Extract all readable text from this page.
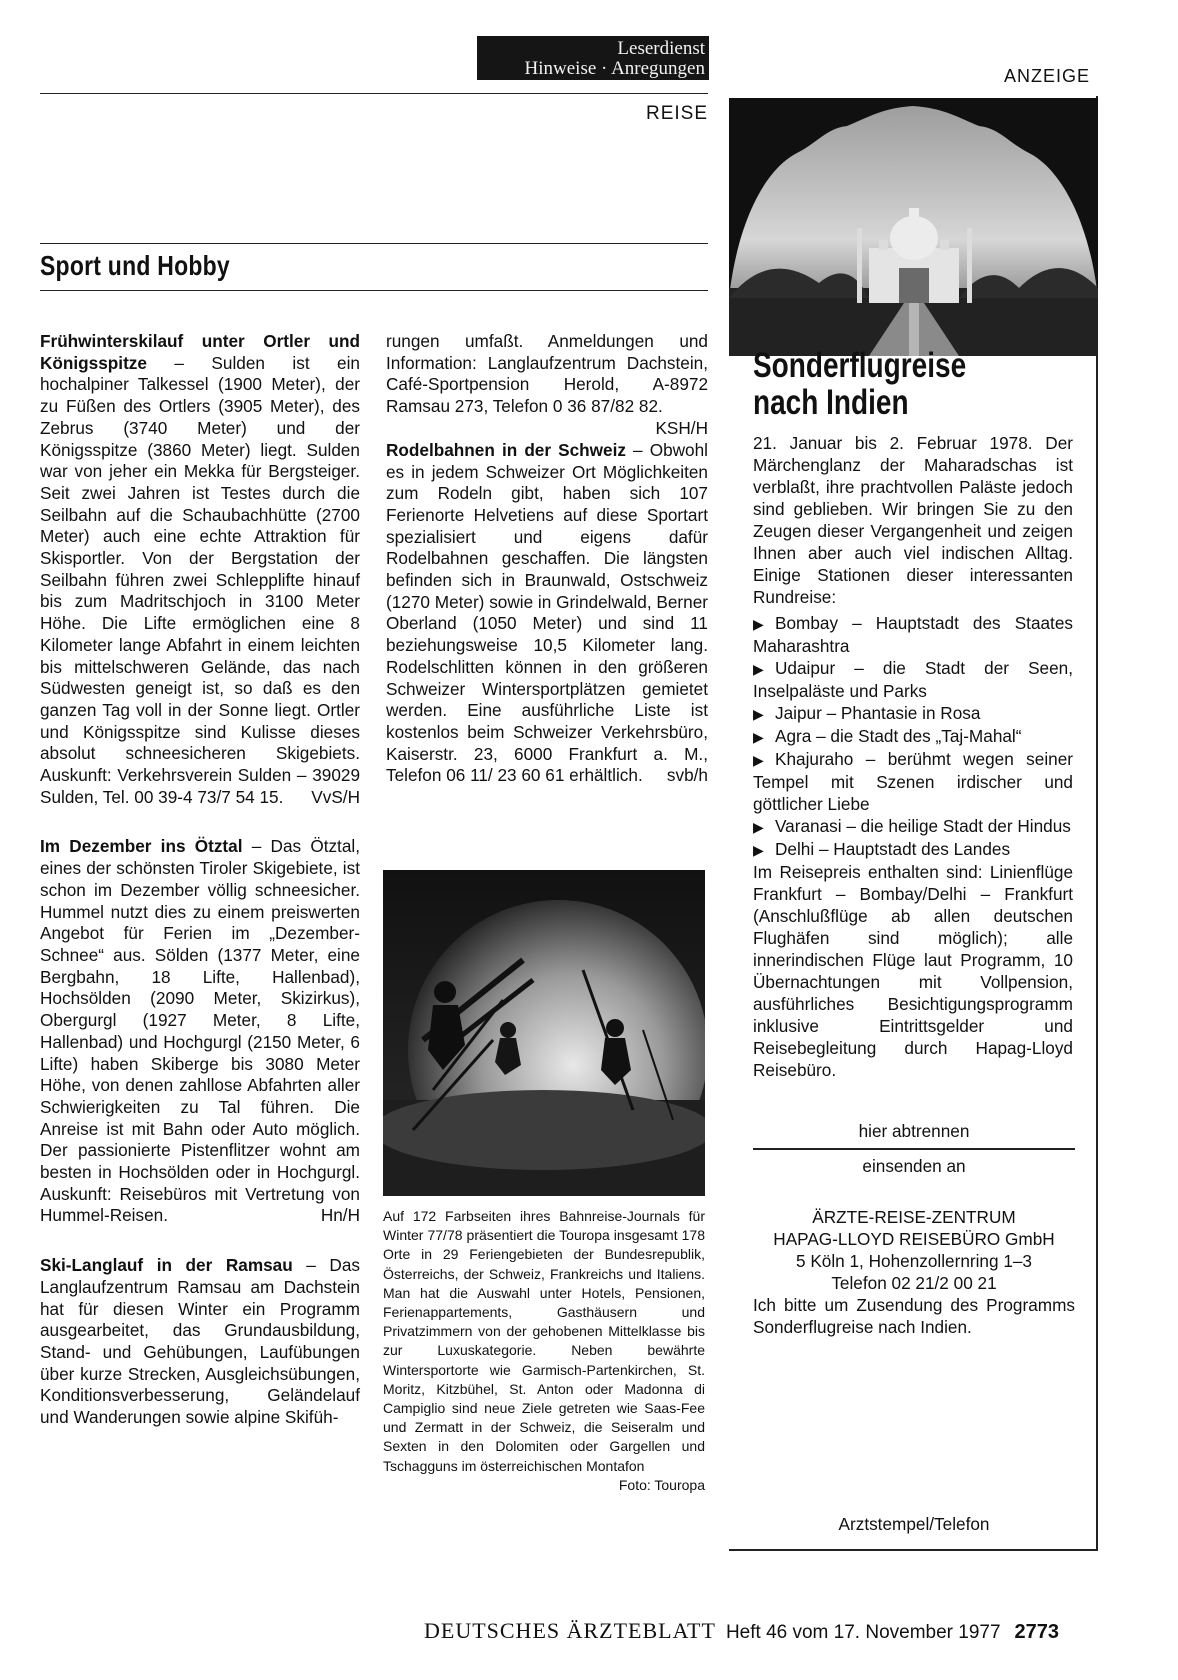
Leserdienst
Hinweise · Anregungen	ANZEIGE
REISE
Sport und Hobby

Frühwinterskilauf unter Ortler und Königsspitze – Sulden ist ein hochalpiner Talkessel (1900 Meter), der zu Füßen des Ortlers (3905 Meter), des Zebrus (3740 Meter) und der Königsspitze (3860 Meter) liegt. Sulden war von jeher ein Mekka für Bergsteiger. Seit zwei Jahren ist Testes durch die Seilbahn auf die Schaubachhütte (2700 Meter) auch eine echte Attraktion für Skisportler. Von der Bergstation der Seilbahn führen zwei Schlepplifte hinauf bis zum Madritschjoch in 3100 Meter Höhe. Die Lifte ermöglichen eine 8 Kilometer lange Abfahrt in einem leichten bis mittelschweren Gelände, das nach Südwesten geneigt ist, so daß es den ganzen Tag voll in der Sonne liegt. Ortler und Königsspitze sind Kulisse dieses absolut schneesicheren Skigebiets. Auskunft: Verkehrsverein Sulden – 39029 Sulden, Tel. 00 39-4 73/7 54 15. VvS/H

Im Dezember ins Ötztal – Das Ötztal, eines der schönsten Tiroler Skigebiete, ist schon im Dezember völlig schneesicher. Hummel nutzt dies zu einem preiswerten Angebot für Ferien im „Dezember-Schnee“ aus. Sölden (1377 Meter, eine Bergbahn, 18 Lifte, Hallenbad), Hochsölden (2090 Meter, Skizirkus), Obergurgl (1927 Meter, 8 Lifte, Hallenbad) und Hochgurgl (2150 Meter, 6 Lifte) haben Skiberge bis 3080 Meter Höhe, von denen zahllose Abfahrten aller Schwierigkeiten zu Tal führen. Die Anreise ist mit Bahn oder Auto möglich. Der passionierte Pistenflitzer wohnt am besten in Hochsölden oder in Hochgurgl. Auskunft: Reisebüros mit Vertretung von Hummel-Reisen.	Hn/H

Ski-Langlauf in der Ramsau – Das Langlaufzentrum Ramsau am Dachstein hat für diesen Winter ein Programm ausgearbeitet, das Grundausbildung, Stand- und Gehübungen, Laufübungen über kurze Strecken, Ausgleichsübungen, Konditionsverbesserung, Geländelauf und Wanderungen sowie alpine Skifüh-

rungen umfaßt. Anmeldungen und Information: Langlaufzentrum Dachstein, Café-Sportpension Herold, A-8972 Ramsau 273, Telefon 0 36 87/82 82.
KSH/H

Rodelbahnen in der Schweiz – Obwohl es in jedem Schweizer Ort Möglichkeiten zum Rodeln gibt, haben sich 107 Ferienorte Helvetiens auf diese Sportart spezialisiert und eigens dafür Rodelbahnen geschaffen. Die längsten befinden sich in Braunwald, Ostschweiz (1270 Meter) sowie in Grindelwald, Berner Oberland (1050 Meter) und sind 11 beziehungsweise 10,5 Kilometer lang. Rodelschlitten können in den größeren Schweizer Wintersportplätzen gemietet werden. Eine ausführliche Liste ist kostenlos beim Schweizer Verkehrsbüro, Kaiserstr. 23, 6000 Frankfurt a. M., Telefon 06 11/ 23 60 61 erhältlich. svb/h

Auf 172 Farbseiten ihres Bahnreise-Journals für Winter 77/78 präsentiert die Touropa insgesamt 178 Orte in 29 Feriengebieten der Bundesrepublik, Österreichs, der Schweiz, Frankreichs und Italiens. Man hat die Auswahl unter Hotels, Pensionen, Ferienappartements, Gasthäusern und Privatzimmern von der gehobenen Mittelklasse bis zur Luxuskategorie. Neben bewährte Wintersportorte wie Garmisch-Partenkirchen, St. Moritz, Kitzbühel, St. Anton oder Madonna di Campiglio sind neue Ziele getreten wie Saas-Fee und Zermatt in der Schweiz, die Seiseralm und Sexten in den Dolomiten oder Gargellen und Tschagguns im österreichischen Montafon
Foto: Touropa
Sonderflugreise
nach Indien

21. Januar bis 2. Februar 1978. Der Märchenglanz der Maharadschas ist verblaßt, ihre prachtvollen Paläste jedoch sind geblieben. Wir bringen Sie zu den Zeugen dieser Vergangenheit und zeigen Ihnen aber auch viel indischen Alltag. Einige Stationen dieser interessanten Rundreise:

▶ Bombay – Hauptstadt des Staates Maharashtra
▶ Udaipur – die Stadt der Seen, Inselpaläste und Parks
▶ Jaipur – Phantasie in Rosa
▶ Agra – die Stadt des „Taj-Mahal“
▶ Khajuraho – berühmt wegen seiner Tempel mit Szenen irdischer und göttlicher Liebe
▶ Varanasi – die heilige Stadt der Hindus
▶ Delhi – Hauptstadt des Landes

Im Reisepreis enthalten sind: Linienflüge Frankfurt – Bombay/Delhi – Frankfurt (Anschlußflüge ab allen deutschen Flughäfen sind möglich); alle innerindischen Flüge laut Programm, 10 Übernachtungen mit Vollpension, ausführliches Besichtigungsprogramm inklusive Eintrittsgelder und Reisebegleitung durch Hapag-Lloyd Reisebüro.

hier abtrennen
einsenden an
ÄRZTE-REISE-ZENTRUM
HAPAG-LLOYD REISEBÜRO GmbH
5 Köln 1, Hohenzollernring 1–3
Telefon 02 21/2 00 21
Ich bitte um Zusendung des Programms Sonderflugreise nach Indien.
Arztstempel/Telefon
DEUTSCHES ÄRZTEBLATT Heft 46 vom 17. November 1977 2773
